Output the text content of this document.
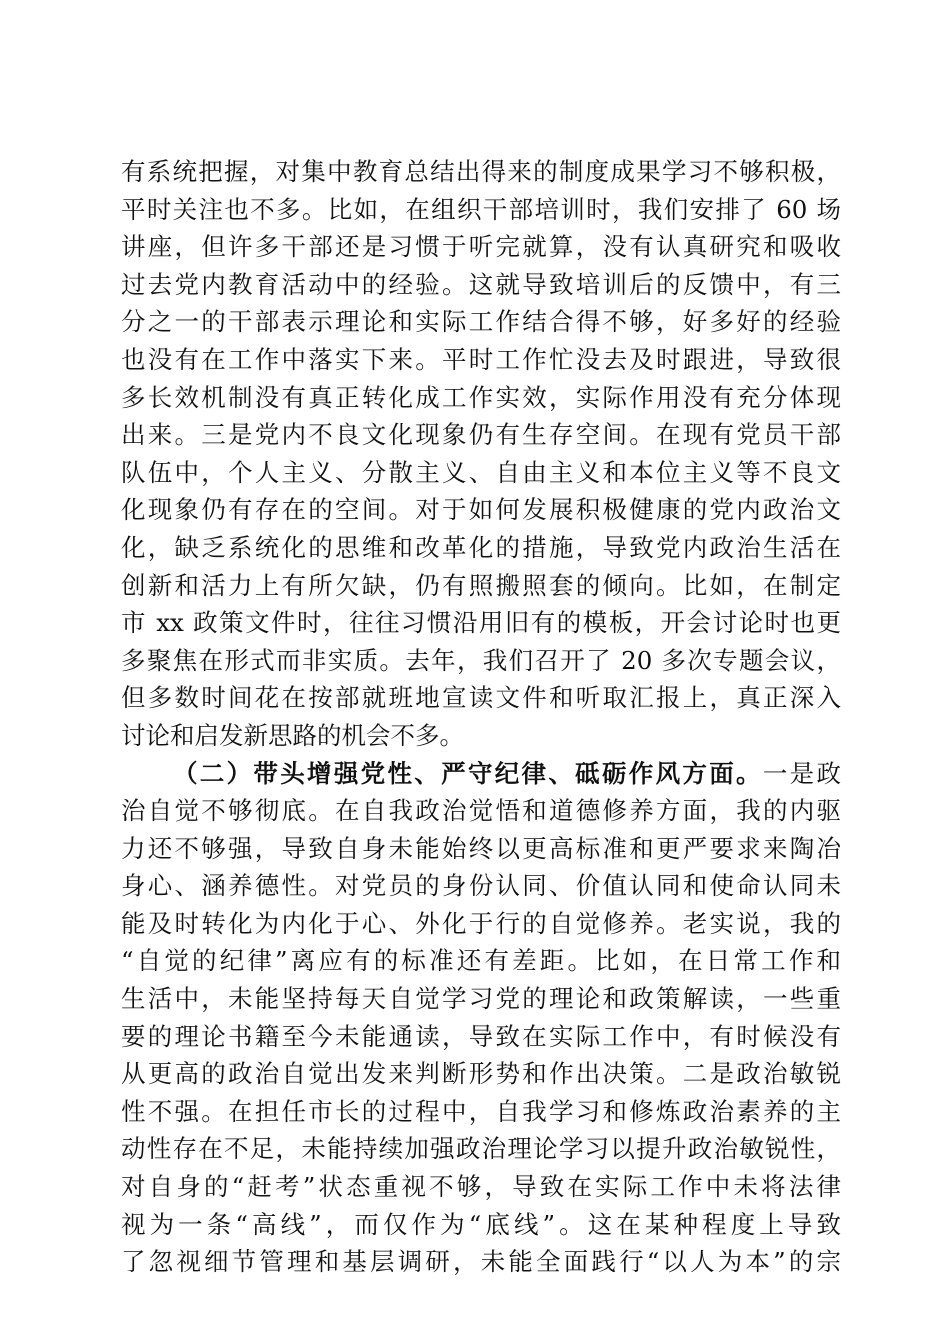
有系统把握，对集中教育总结出得来的制度成果学习不够积极，
平时关注也不多。比如，在组织干部培训时，我们安排了 60 场
讲座，但许多干部还是习惯于听完就算，没有认真研究和吸收
过去党内教育活动中的经验。这就导致培训后的反馈中，有三
分之一的干部表示理论和实际工作结合得不够，好多好的经验
也没有在工作中落实下来。平时工作忙没去及时跟进，导致很
多长效机制没有真正转化成工作实效，实际作用没有充分体现
出来。三是党内不良文化现象仍有生存空间。在现有党员干部
队伍中，个人主义、分散主义、自由主义和本位主义等不良文
化现象仍有存在的空间。对于如何发展积极健康的党内政治文
化，缺乏系统化的思维和改革化的措施，导致党内政治生活在
创新和活力上有所欠缺，仍有照搬照套的倾向。比如，在制定
市 xx 政策文件时，往往习惯沿用旧有的模板，开会讨论时也更
多聚焦在形式而非实质。去年，我们召开了 20 多次专题会议，
但多数时间花在按部就班地宣读文件和听取汇报上，真正深入
讨论和启发新思路的机会不多。
（二）带头增强党性、严守纪律、砥砺作风方面。一是政
治自觉不够彻底。在自我政治觉悟和道德修养方面，我的内驱
力还不够强，导致自身未能始终以更高标准和更严要求来陶冶
身心、涵养德性。对党员的身份认同、价值认同和使命认同未
能及时转化为内化于心、外化于行的自觉修养。老实说，我的
“自觉的纪律”离应有的标准还有差距。比如，在日常工作和
生活中，未能坚持每天自觉学习党的理论和政策解读，一些重
要的理论书籍至今未能通读，导致在实际工作中，有时候没有
从更高的政治自觉出发来判断形势和作出决策。二是政治敏锐
性不强。在担任市长的过程中，自我学习和修炼政治素养的主
动性存在不足，未能持续加强政治理论学习以提升政治敏锐性，
对自身的“赶考”状态重视不够，导致在实际工作中未将法律
视为一条“高线”，而仅作为“底线”。这在某种程度上导致
了忽视细节管理和基层调研，未能全面践行“以人为本”的宗
